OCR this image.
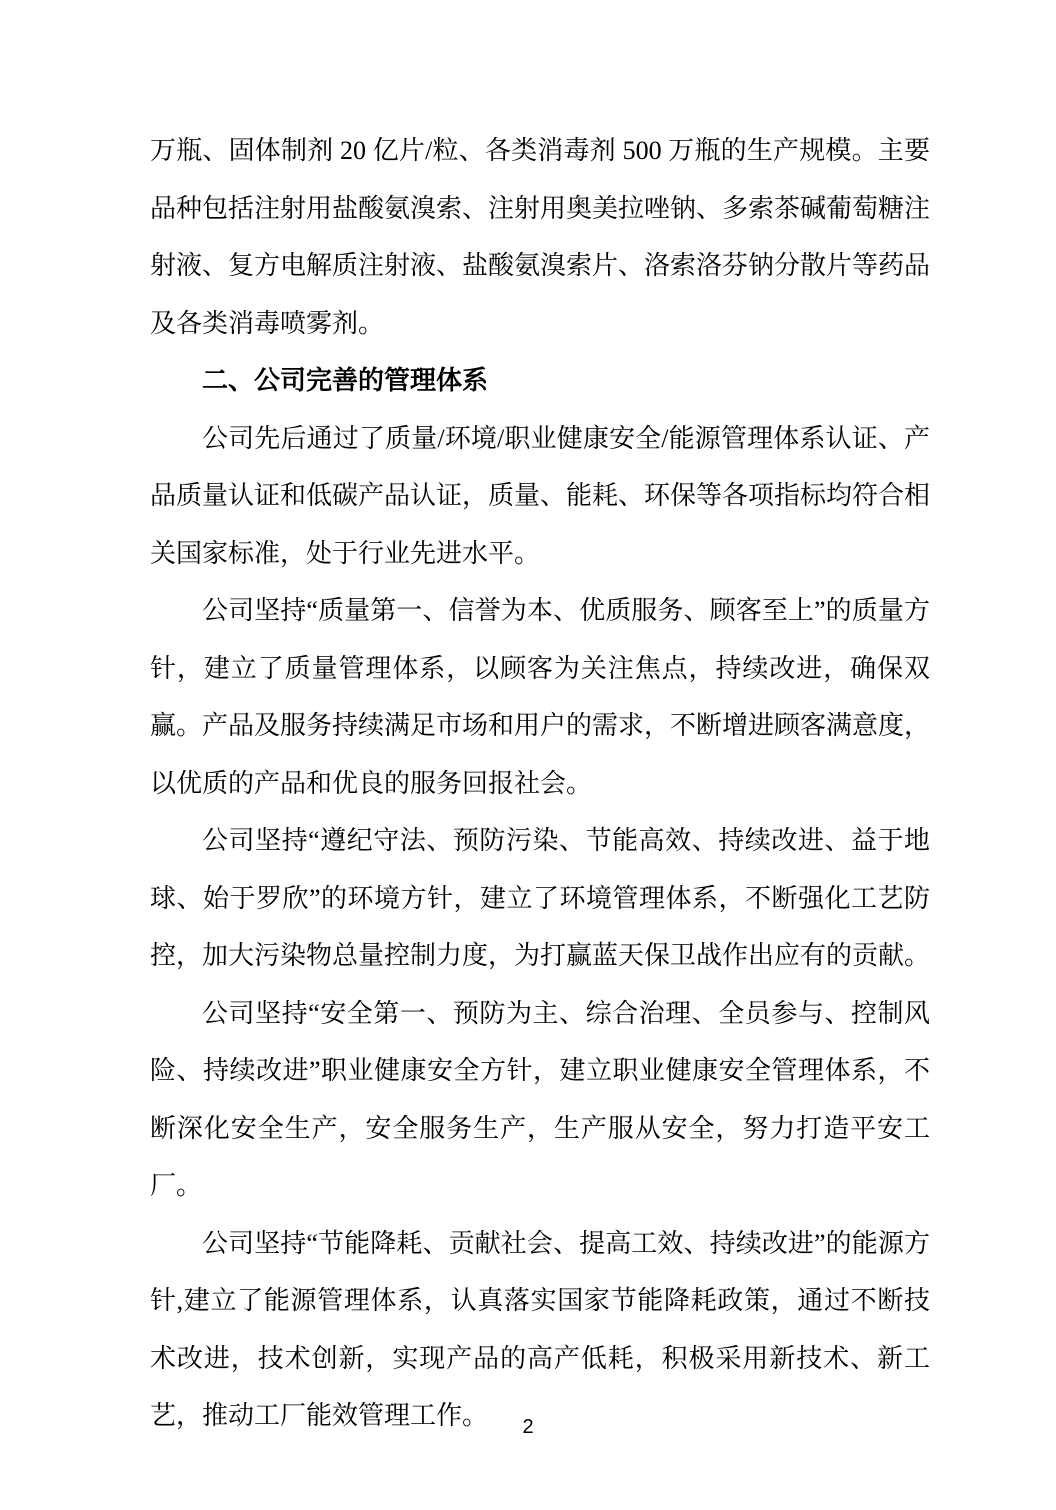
万瓶、固体制剂 20 亿片/粒、各类消毒剂 500 万瓶的生产规模。主要品种包括注射用盐酸氨溴索、注射用奥美拉唑钠、多索茶碱葡萄糖注射液、复方电解质注射液、盐酸氨溴索片、洛索洛芬钠分散片等药品及各类消毒喷雾剂。

二、公司完善的管理体系

公司先后通过了质量/环境/职业健康安全/能源管理体系认证、产品质量认证和低碳产品认证，质量、能耗、环保等各项指标均符合相关国家标准，处于行业先进水平。

公司坚持“质量第一、信誉为本、优质服务、顾客至上”的质量方针，建立了质量管理体系，以顾客为关注焦点，持续改进，确保双赢。产品及服务持续满足市场和用户的需求，不断增进顾客满意度，以优质的产品和优良的服务回报社会。

公司坚持“遵纪守法、预防污染、节能高效、持续改进、益于地球、始于罗欣”的环境方针，建立了环境管理体系，不断强化工艺防控，加大污染物总量控制力度，为打赢蓝天保卫战作出应有的贡献。

公司坚持“安全第一、预防为主、综合治理、全员参与、控制风险、持续改进”职业健康安全方针，建立职业健康安全管理体系，不断深化安全生产，安全服务生产，生产服从安全，努力打造平安工厂。

公司坚持“节能降耗、贡献社会、提高工效、持续改进”的能源方针,建立了能源管理体系，认真落实国家节能降耗政策，通过不断技术改进，技术创新，实现产品的高产低耗，积极采用新技术、新工艺，推动工厂能效管理工作。	2
